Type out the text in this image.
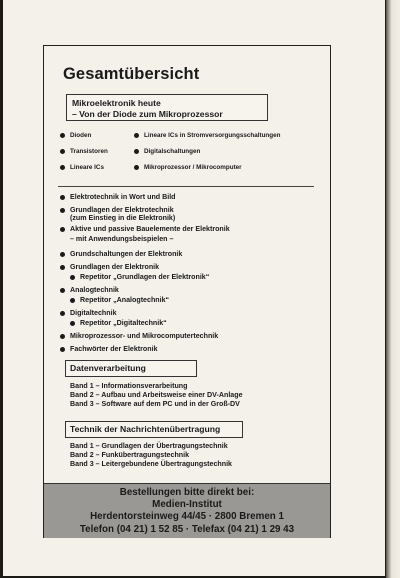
Gesamtübersicht
Mikroelektronik heute
– Von der Diode zum Mikroprozessor
Dioden
Transistoren
Lineare ICs
Lineare ICs in Stromversorgungsschaltungen
Digitalschaltungen
Mikroprozessor / Mikrocomputer
Elektrotechnik in Wort und Bild
Grundlagen der Elektrotechnik
(zum Einstieg in die Elektronik)
Aktive und passive Bauelemente der Elektronik
– mit Anwendungsbeispielen –
Grundschaltungen der Elektronik
Grundlagen der Elektronik
Repetitor „Grundlagen der Elektronik“
Analogtechnik
Repetitor „Analogtechnik“
Digitaltechnik
Repetitor „Digitaltechnik“
Mikroprozessor- und Mikrocomputertechnik
Fachwörter der Elektronik
Datenverarbeitung
Band 1 – Informationsverarbeitung
Band 2 – Aufbau und Arbeitsweise einer DV-Anlage
Band 3 – Software auf dem PC und in der Groß-DV
Technik der Nachrichtenübertragung
Band 1 – Grundlagen der Übertragungstechnik
Band 2 – Funkübertragungstechnik
Band 3 – Leitergebundene Übertragungstechnik
Bestellungen bitte direkt bei:
Medien-Institut
Herdentorsteinweg 44/45 · 2800 Bremen 1
Telefon (04 21) 1 52 85 · Telefax (04 21) 1 29 43
